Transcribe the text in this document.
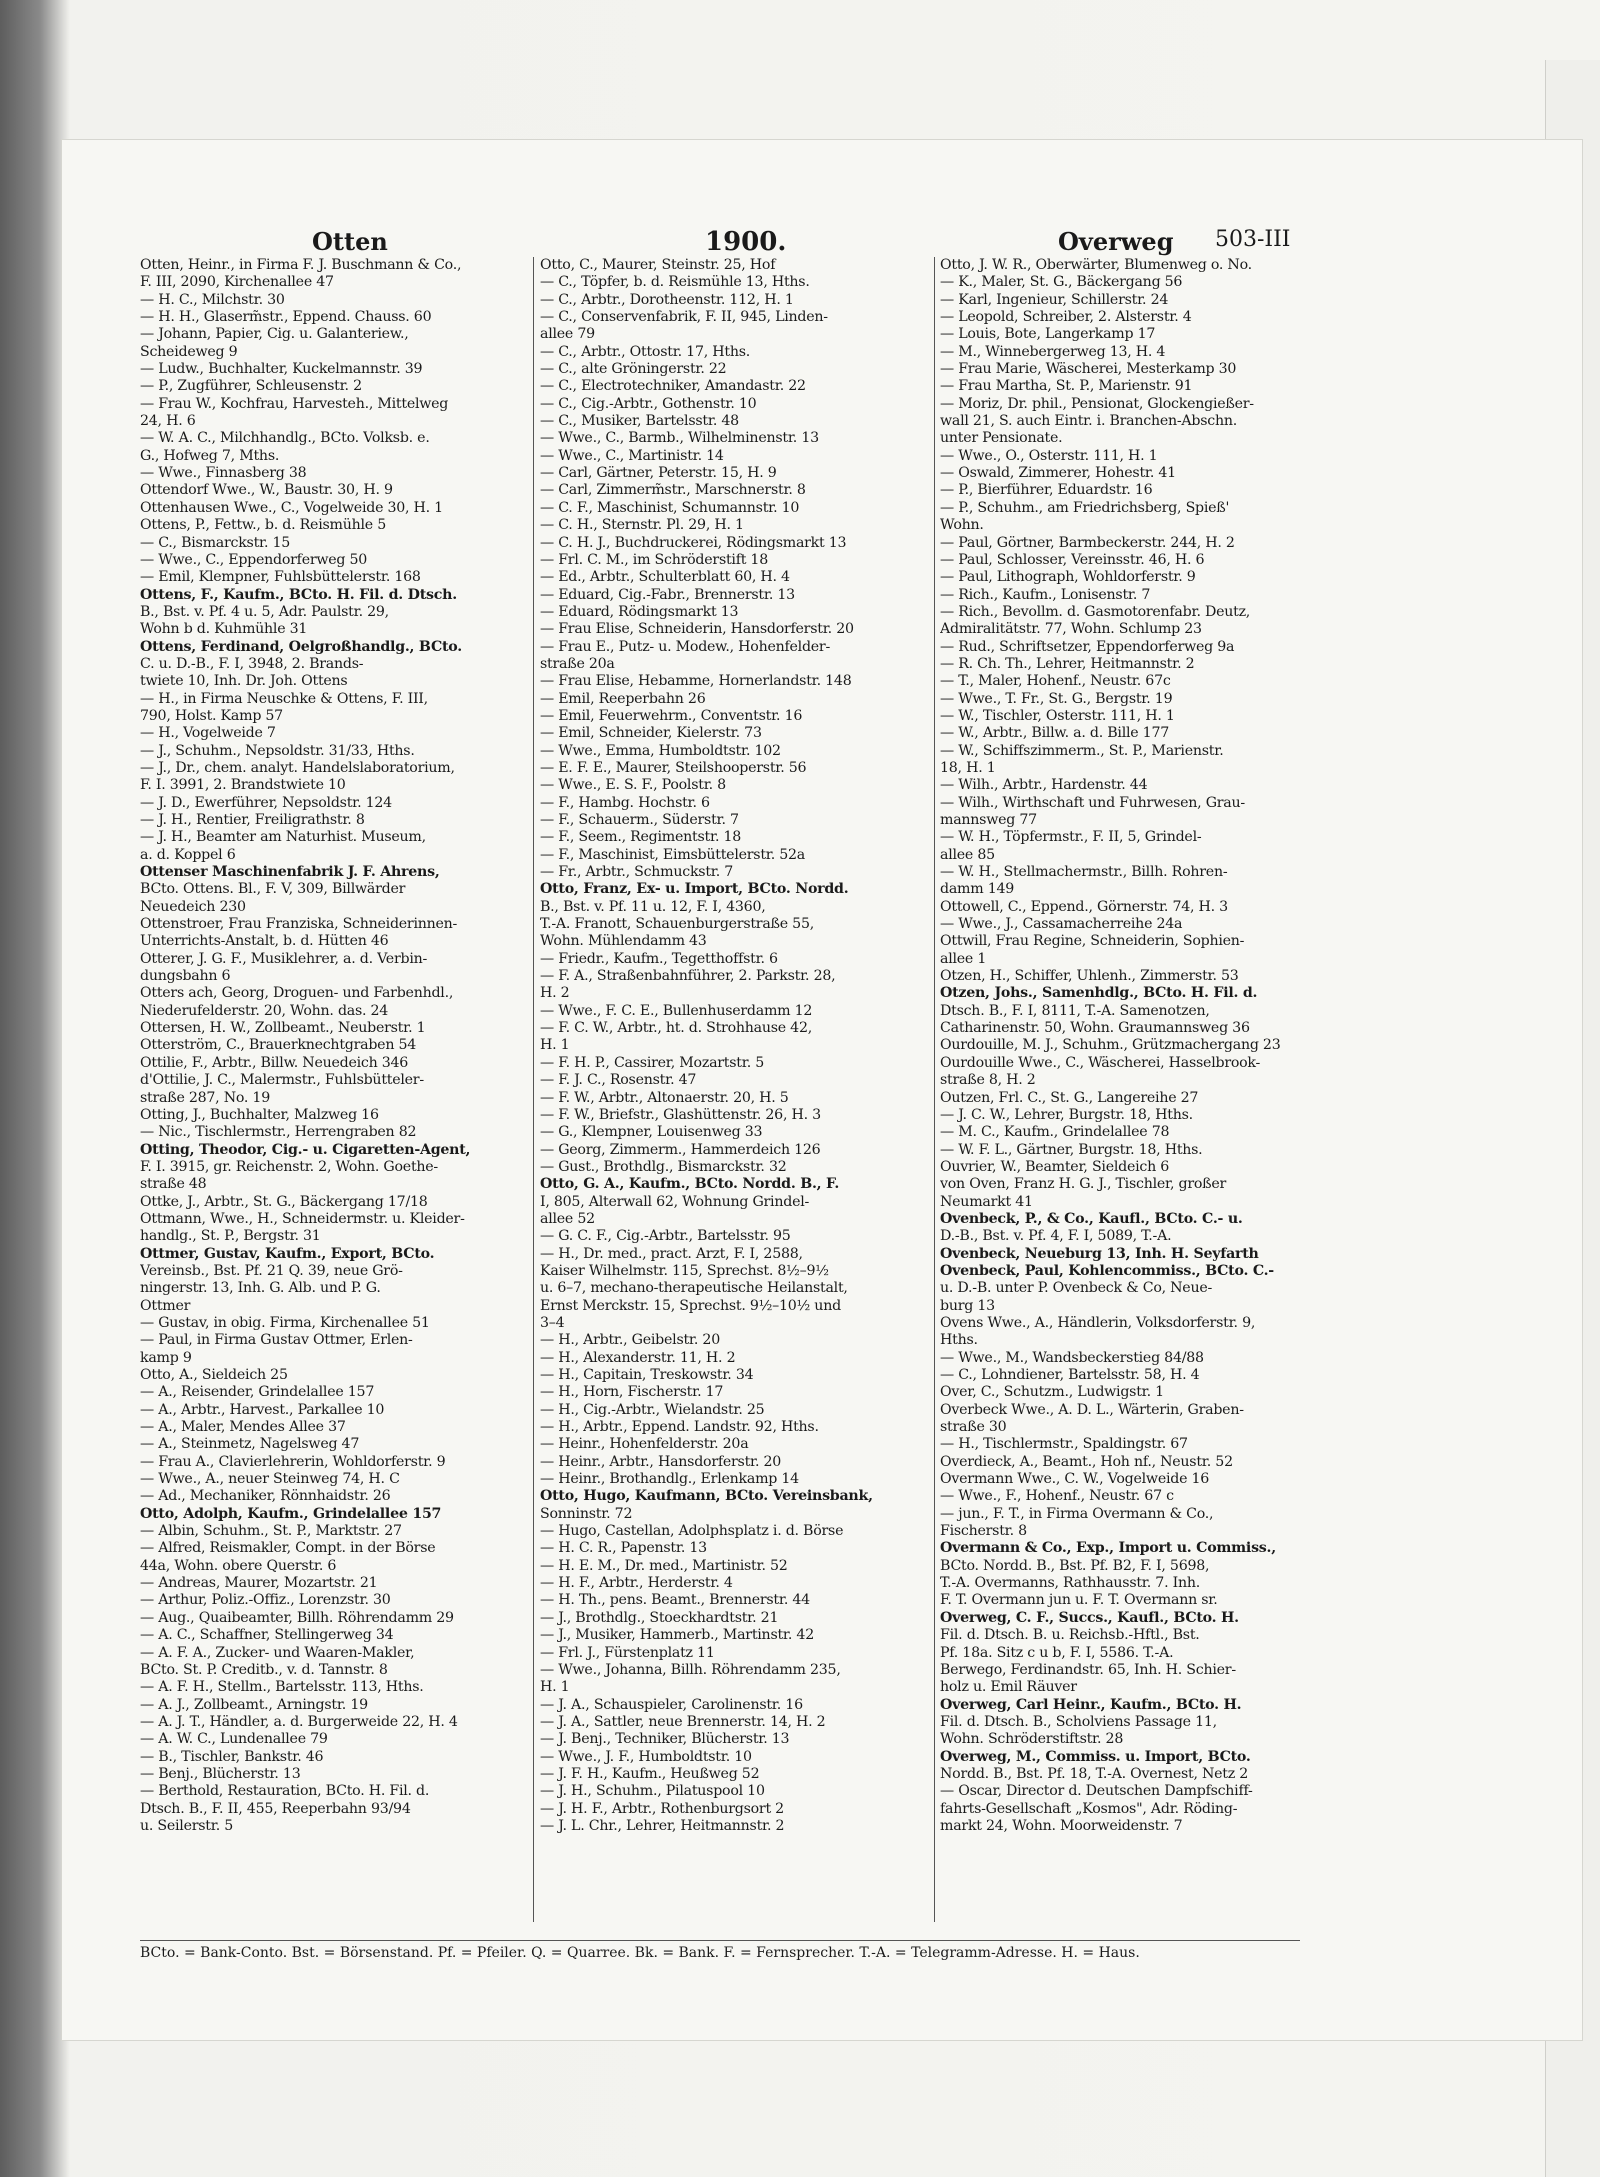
Otten	1900.	Overweg 503-III
Otten, Heinr., in Firma F. J. Buschmann & Co.,
F. III, 2090, Kirchenallee 47
— H. C., Milchstr. 30
— H. H., Glaserm̃str., Eppend. Chauss. 60
— Johann, Papier, Cig. u. Galanteriew.,
Scheideweg 9
— Ludw., Buchhalter, Kuckelmannstr. 39
— P., Zugführer, Schleusenstr. 2
— Frau W., Kochfrau, Harvestеh., Mittelweg
24, H. 6
— W. A. C., Milchhandlg., BCto. Volksb. e.
G., Hofweg 7, Mths.
— Wwe., Finnasberg 38
Ottendorf Wwe., W., Baustr. 30, H. 9
Ottenhausen Wwe., C., Vogelweide 30, H. 1
Ottens, P., Fettw., b. d. Reismühle 5
— C., Bismarckstr. 15
— Wwe., C., Eppendorferweg 50
— Emil, Klempner, Fuhlsbüttelerstr. 168
Ottens, F., Kaufm., BCto. H. Fil. d. Dtsch.
B., Bst. v. Pf. 4 u. 5, Adr. Paulstr. 29,
Wohn b d. Kuhmühle 31
Ottens, Ferdinand, Oelgroßhandlg., BCto.
C. u. D.-B., F. I, 3948, 2. Brands-
twiete 10, Inh. Dr. Joh. Ottens
— H., in Firma Neuschke & Ottens, F. III,
790, Holst. Kamp 57
— H., Vogelweide 7
— J., Schuhm., Nepsoldstr. 31/33, Hths.
— J., Dr., chem. analyt. Handelslaboratorium,
F. I. 3991, 2. Brandstwiete 10
— J. D., Ewerführer, Nepsoldstr. 124
— J. H., Rentier, Freiligrathstr. 8
— J. H., Beamter am Naturhist. Museum,
a. d. Koppel 6
Ottenser Maschinenfabrik J. F. Ahrens,
BCto. Ottens. Bl., F. V, 309, Billwärder
Neuedeich 230
Ottenstroer, Frau Franziska, Schneiderinnen-
Unterrichts-Anstalt, b. d. Hütten 46
Otterer, J. G. F., Musiklehrer, a. d. Verbin-
dungsbahn 6
Otters ach, Georg, Droguen- und Farbenhdl.,
Niederufelderstr. 20, Wohn. das. 24
Ottersen, H. W., Zollbeamt., Neuberstr. 1
Otterström, C., Brauerknechtgraben 54
Ottilie, F., Arbtr., Billw. Neuedeich 346
d'Ottilie, J. C., Malermstr., Fuhlsbütteler-
straße 287, No. 19
Otting, J., Buchhalter, Malzweg 16
— Nic., Tischlermstr., Herrengraben 82
Otting, Theodor, Cig.- u. Cigaretten-Agent,
F. I. 3915, gr. Reichenstr. 2, Wohn. Goethe-
straße 48
Ottke, J., Arbtr., St. G., Bäckergang 17/18
Ottmann, Wwe., H., Schneidermstr. u. Kleider-
handlg., St. P., Bergstr. 31
Ottmer, Gustav, Kaufm., Export, BCto.
Vereinsb., Bst. Pf. 21 Q. 39, neue Grö-
ningerstr. 13, Inh. G. Alb. und P. G.
Ottmer
— Gustav, in obig. Firma, Kirchenallee 51
— Paul, in Firma Gustav Ottmer, Erlen-
kamp 9
Otto, A., Sieldeich 25
— A., Reisender, Grindelallee 157
— A., Arbtr., Harvest., Parkallee 10
— A., Maler, Mendes Allee 37
— A., Steinmetz, Nagelsweg 47
— Frau A., Clavierlehrerin, Wohldorferstr. 9
— Wwe., A., neuer Steinweg 74, H. C
— Ad., Mechaniker, Rönnhaidstr. 26
Otto, Adolph, Kaufm., Grindelallee 157
— Albin, Schuhm., St. P., Marktstr. 27
— Alfred, Reismakler, Compt. in der Börse
44a, Wohn. obere Querstr. 6
— Andreas, Maurer, Mozartstr. 21
— Arthur, Poliz.-Offiz., Lorenzstr. 30
— Aug., Quaibeamter, Billh. Röhrendamm 29
— A. C., Schaffner, Stellingerweg 34
— A. F. A., Zucker- und Waaren-Makler,
BCto. St. P. Creditb., v. d. Tannstr. 8
— A. F. H., Stellm., Bartelsstr. 113, Hths.
— A. J., Zollbeamt., Arningstr. 19
— A. J. T., Händler, a. d. Burgerweide 22, H. 4
— A. W. C., Lundenallee 79
— B., Tischler, Bankstr. 46
— Benj., Blücherstr. 13
— Berthold, Restauration, BCto. H. Fil. d.
Dtsch. B., F. II, 455, Reeperbahn 93/94
u. Seilerstr. 5
Otto, C., Maurer, Steinstr. 25, Hof
— C., Töpfer, b. d. Reismühle 13, Hths.
— C., Arbtr., Dorotheenstr. 112, H. 1
— C., Conservenfabrik, F. II, 945, Linden-
allee 79
— C., Arbtr., Ottostr. 17, Hths.
— C., alte Gröningerstr. 22
— C., Electrotechniker, Amandastr. 22
— C., Cig.-Arbtr., Gothenstr. 10
— C., Musiker, Bartelsstr. 48
— Wwe., C., Barmb., Wilhelminenstr. 13
— Wwe., C., Martinistr. 14
— Carl, Gärtner, Peterstr. 15, H. 9
— Carl, Zimmerm̃str., Marschnerstr. 8
— C. F., Maschinist, Schumannstr. 10
— C. H., Sternstr. Pl. 29, H. 1
— C. H. J., Buchdruckerei, Rödingsmarkt 13
— Frl. C. M., im Schröderstift 18
— Ed., Arbtr., Schulterblatt 60, H. 4
— Eduard, Cig.-Fabr., Brennerstr. 13
— Eduard, Rödingsmarkt 13
— Frau Elise, Schneiderin, Hansdorferstr. 20
— Frau E., Putz- u. Modew., Hohenfelder-
straße 20a
— Frau Elise, Hebamme, Hornerlandstr. 148
— Emil, Reeperbahn 26
— Emil, Feuerwehrm., Conventstr. 16
— Emil, Schneider, Kielerstr. 73
— Wwe., Emma, Humboldtstr. 102
— E. F. E., Maurer, Steilshooperstr. 56
— Wwe., E. S. F., Poolstr. 8
— F., Hambg. Hochstr. 6
— F., Schauerm., Süderstr. 7
— F., Seem., Regimentstr. 18
— F., Maschinist, Eimsbüttelerstr. 52a
— Fr., Arbtr., Schmuckstr. 7
Otto, Franz, Ex- u. Import, BCto. Nordd.
B., Bst. v. Pf. 11 u. 12, F. I, 4360,
T.-A. Franott, Schauenburgerstraße 55,
Wohn. Mühlendamm 43
— Friedr., Kaufm., Tegetthoffstr. 6
— F. A., Straßenbahnführer, 2. Parkstr. 28,
H. 2
— Wwe., F. C. E., Bullenhuserdamm 12
— F. C. W., Arbtr., ht. d. Strohhause 42,
H. 1
— F. H. P., Cassirer, Mozartstr. 5
— F. J. C., Rosenstr. 47
— F. W., Arbtr., Altonaerstr. 20, H. 5
— F. W., Briefstr., Glashüttenstr. 26, H. 3
— G., Klempner, Louisenweg 33
— Georg, Zimmerm., Hammerdeich 126
— Gust., Brothdlg., Bismarckstr. 32
Otto, G. A., Kaufm., BCto. Nordd. B., F.
I, 805, Alterwall 62, Wohnung Grindel-
allee 52
— G. C. F., Cig.-Arbtr., Bartelsstr. 95
— H., Dr. med., pract. Arzt, F. I, 2588,
Kaiser Wilhelmstr. 115, Sprechst. 8½–9½
u. 6–7, mechano-therapeutische Heilanstalt,
Ernst Merckstr. 15, Sprechst. 9½–10½ und
3–4
— H., Arbtr., Geibelstr. 20
— H., Alexanderstr. 11, H. 2
— H., Capitain, Treskowstr. 34
— H., Horn, Fischerstr. 17
— H., Cig.-Arbtr., Wielandstr. 25
— H., Arbtr., Eppend. Landstr. 92, Hths.
— Heinr., Hohenfelderstr. 20a
— Heinr., Arbtr., Hansdorferstr. 20
— Heinr., Brothandlg., Erlenkamp 14
Otto, Hugo, Kaufmann, BCto. Vereinsbank,
Sonninstr. 72
— Hugo, Castellan, Adolphsplatz i. d. Börse
— H. C. R., Papenstr. 13
— H. E. M., Dr. med., Martinistr. 52
— H. F., Arbtr., Herderstr. 4
— H. Th., pens. Beamt., Brennerstr. 44
— J., Brothdlg., Stoeckhardtstr. 21
— J., Musiker, Hammerb., Martinstr. 42
— Frl. J., Fürstenplatz 11
— Wwe., Johanna, Billh. Röhrendamm 235,
H. 1
— J. A., Schauspieler, Carolinenstr. 16
— J. A., Sattler, neue Brennerstr. 14, H. 2
— J. Benj., Techniker, Blücherstr. 13
— Wwe., J. F., Humboldtstr. 10
— J. F. H., Kaufm., Heußweg 52
— J. H., Schuhm., Pilatuspool 10
— J. H. F., Arbtr., Rothenburgsort 2
— J. L. Chr., Lehrer, Heitmannstr. 2
Otto, J. W. R., Oberwärter, Blumenweg o. No.
— K., Maler, St. G., Bäckergang 56
— Karl, Ingenieur, Schillerstr. 24
— Leopold, Schreiber, 2. Alsterstr. 4
— Louis, Bote, Langerkamp 17
— M., Winnebergerweg 13, H. 4
— Frau Marie, Wäscherei, Mesterkamp 30
— Frau Martha, St. P., Marienstr. 91
— Moriz, Dr. phil., Pensionat, Glockengießer-
wall 21, S. auch Eintr. i. Branchen-Abschn.
unter Pensionate.
— Wwe., O., Osterstr. 111, H. 1
— Oswald, Zimmerer, Hohestr. 41
— P., Bierführer, Eduardstr. 16
— P., Schuhm., am Friedrichsberg, Spieß'
Wohn.
— Paul, Görtner, Barmbeckerstr. 244, H. 2
— Paul, Schlosser, Vereinsstr. 46, H. 6
— Paul, Lithograph, Wohldorferstr. 9
— Rich., Kaufm., Lonisenstr. 7
— Rich., Bevollm. d. Gasmotorenfabr. Deutz,
Admiralitätstr. 77, Wohn. Schlump 23
— Rud., Schriftsetzer, Eppendorferweg 9a
— R. Ch. Th., Lehrer, Heitmannstr. 2
— T., Maler, Hohenf., Neustr. 67c
— Wwe., T. Fr., St. G., Bergstr. 19
— W., Tischler, Osterstr. 111, H. 1
— W., Arbtr., Billw. a. d. Bille 177
— W., Schiffszimmerm., St. P., Marienstr.
18, H. 1
— Wilh., Arbtr., Hardenstr. 44
— Wilh., Wirthschaft und Fuhrwesen, Grau-
mannsweg 77
— W. H., Töpfermstr., F. II, 5, Grindel-
allee 85
— W. H., Stellmachermstr., Billh. Rohren-
damm 149
Ottowell, C., Eppend., Görnerstr. 74, H. 3
— Wwe., J., Cassamacherreihe 24a
Ottwill, Frau Regine, Schneiderin, Sophien-
allee 1
Otzen, H., Schiffer, Uhlenh., Zimmerstr. 53
Otzen, Johs., Samenhdlg., BCto. H. Fil. d.
Dtsch. B., F. I, 8111, T.-A. Samenotzen,
Catharinenstr. 50, Wohn. Graumannsweg 36
Ourdouille, M. J., Schuhm., Grützmachergang 23
Ourdouille Wwe., C., Wäscherei, Hasselbrook-
straße 8, H. 2
Outzen, Frl. C., St. G., Langereihe 27
— J. C. W., Lehrer, Burgstr. 18, Hths.
— M. C., Kaufm., Grindelallee 78
— W. F. L., Gärtner, Burgstr. 18, Hths.
Ouvrier, W., Beamter, Sieldeich 6
von Oven, Franz H. G. J., Tischler, großer
Neumarkt 41
Ovenbeck, P., & Co., Kaufl., BCto. C.- u.
D.-B., Bst. v. Pf. 4, F. I, 5089, T.-A.
Ovenbeck, Neueburg 13, Inh. H. Seyfarth
Ovenbeck, Paul, Kohlencommiss., BCto. C.-
u. D.-B. unter P. Ovenbeck & Co, Neue-
burg 13
Ovens Wwe., A., Händlerin, Volksdorferstr. 9,
Hths.
— Wwe., M., Wandsbeckerstieg 84/88
— C., Lohndiener, Bartelsstr. 58, H. 4
Over, C., Schutzm., Ludwigstr. 1
Overbeck Wwe., A. D. L., Wärterin, Graben-
straße 30
— H., Tischlermstr., Spaldingstr. 67
Overdieck, A., Beamt., Hoh nf., Neustr. 52
Overmann Wwe., C. W., Vogelweide 16
— Wwe., F., Hohenf., Neustr. 67 c
— jun., F. T., in Firma Overmann & Co.,
Fischerstr. 8
Overmann & Co., Exp., Import u. Commiss.,
BCto. Nordd. B., Bst. Pf. B2, F. I, 5698,
T.-A. Overmanns, Rathhausstr. 7. Inh.
F. T. Overmann jun u. F. T. Overmann sr.
Overweg, C. F., Succs., Kaufl., BCto. H.
Fil. d. Dtsch. B. u. Reichsb.-Hftl., Bst.
Pf. 18a. Sitz c u b, F. I, 5586. T.-A.
Berwego, Ferdinandstr. 65, Inh. H. Schier-
holz u. Emil Räuver
Overweg, Carl Heinr., Kaufm., BCto. H.
Fil. d. Dtsch. B., Scholviens Passage 11,
Wohn. Schröderstiftstr. 28
Overweg, M., Commiss. u. Import, BCto.
Nordd. B., Bst. Pf. 18, T.-A. Overnest, Netz 2
— Oscar, Director d. Deutschen Dampfschiff-
fahrts-Gesellschaft „Kosmos", Adr. Röding-
markt 24, Wohn. Moorweidenstr. 7
BCto. = Bank-Conto. Bst. = Börsenstand. Pf. = Pfeiler. Q. = Quarree. Bk. = Bank. F. = Fernsprecher. T.-A. = Telegramm-Adresse. H. = Haus.
